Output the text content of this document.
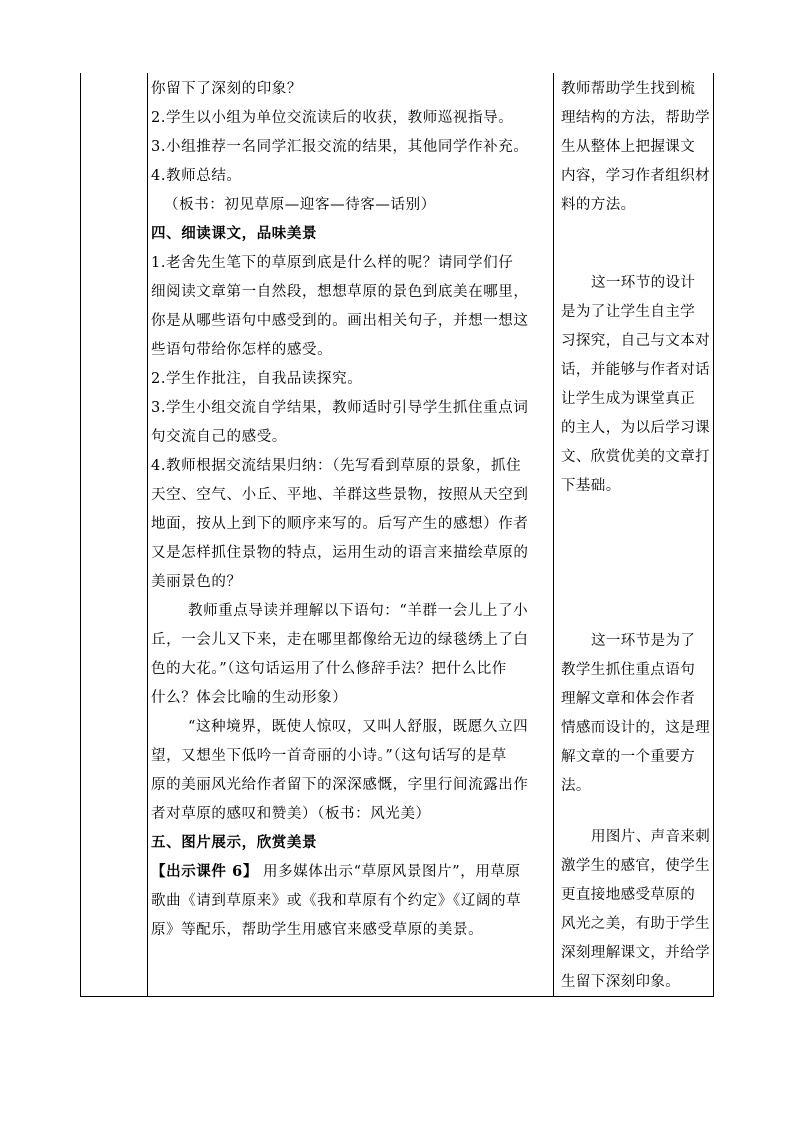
你留下了深刻的印象？
2.学生以小组为单位交流读后的收获，教师巡视指导。
3.小组推荐一名同学汇报交流的结果，其他同学作补充。
4.教师总结。
（板书：初见草原—迎客—待客—话别）
四、细读课文，品味美景
1.老舍先生笔下的草原到底是什么样的呢？请同学们仔
细阅读文章第一自然段，想想草原的景色到底美在哪里，
你是从哪些语句中感受到的。画出相关句子，并想一想这
些语句带给你怎样的感受。
2.学生作批注，自我品读探究。
3.学生小组交流自学结果，教师适时引导学生抓住重点词
句交流自己的感受。
4.教师根据交流结果归纳：（先写看到草原的景象，抓住
天空、空气、小丘、平地、羊群这些景物，按照从天空到
地面，按从上到下的顺序来写的。后写产生的感想）作者
又是怎样抓住景物的特点，运用生动的语言来描绘草原的
美丽景色的？
教师重点导读并理解以下语句：“羊群一会儿上了小
丘，一会儿又下来，走在哪里都像给无边的绿毯绣上了白
色的大花。”（这句话运用了什么修辞手法？把什么比作
什么？体会比喻的生动形象）
“这种境界，既使人惊叹，又叫人舒服，既愿久立四
望，又想坐下低吟一首奇丽的小诗。”（这句话写的是草
原的美丽风光给作者留下的深深感慨，字里行间流露出作
者对草原的感叹和赞美）（板书：风光美）
五、图片展示，欣赏美景
【出示课件 6】 用多媒体出示“草原风景图片”，用草原
歌曲《请到草原来》或《我和草原有个约定》《辽阔的草
原》等配乐，帮助学生用感官来感受草原的美景。
教师帮助学生找到梳
理结构的方法，帮助学
生从整体上把握课文
内容，学习作者组织材
料的方法。
这一环节的设计
是为了让学生自主学
习探究，自己与文本对
话，并能够与作者对话
让学生成为课堂真正
的主人，为以后学习课
文、欣赏优美的文章打
下基础。
这一环节是为了
教学生抓住重点语句
理解文章和体会作者
情感而设计的，这是理
解文章的一个重要方
法。
用图片、声音来刺
激学生的感官，使学生
更直接地感受草原的
风光之美，有助于学生
深刻理解课文，并给学
生留下深刻印象。
